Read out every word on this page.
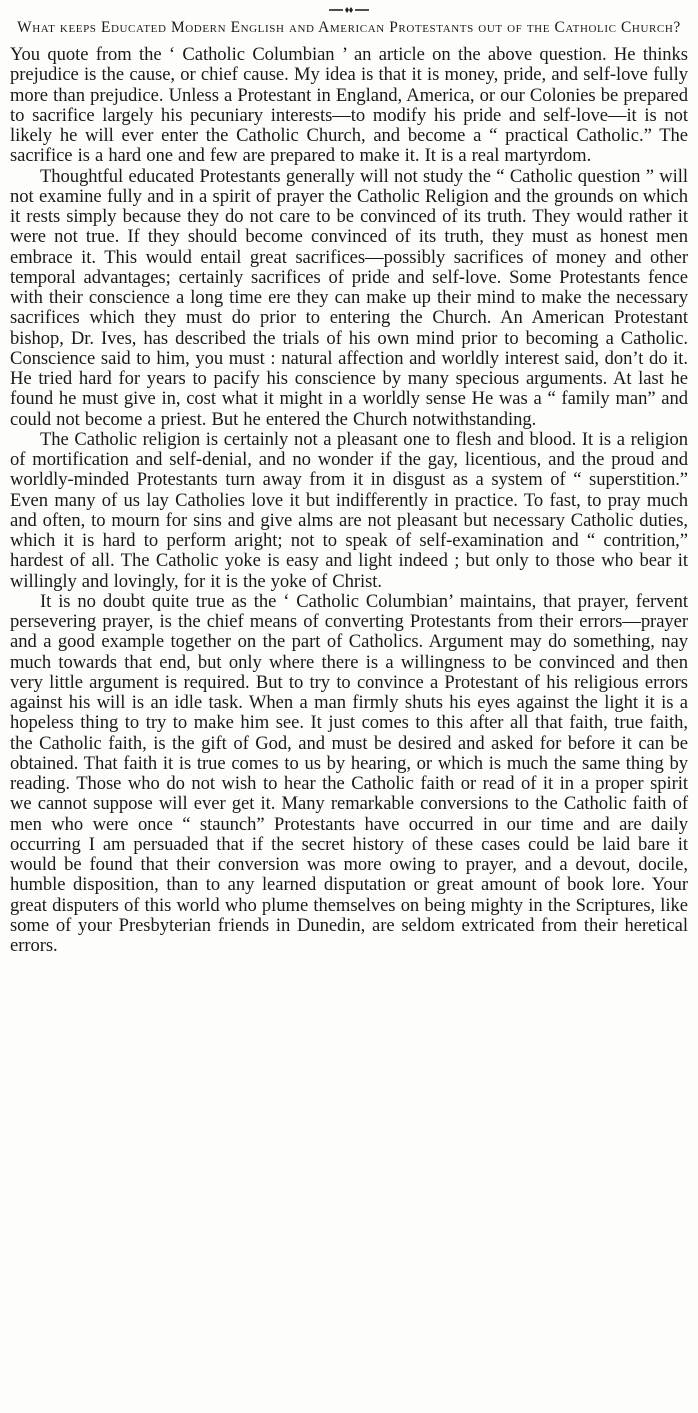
What keeps Educated Modern English and American Protestants out of the Catholic Church?

You quote from the ‘ Catholic Columbian ’ an article on the above question. He thinks prejudice is the cause, or chief cause. My idea is that it is money, pride, and self-love fully more than prejudice. Unless a Protestant in England, America, or our Colonies be prepared to sacrifice largely his pecuniary interests—to modify his pride and self-love—it is not likely he will ever enter the Catholic Church, and become a “ practical Catholic.” The sacrifice is a hard one and few are prepared to make it. It is a real martyrdom.

Thoughtful educated Protestants generally will not study the “ Catholic question ” will not examine fully and in a spirit of prayer the Catholic Religion and the grounds on which it rests simply because they do not care to be convinced of its truth. They would rather it were not true. If they should become convinced of its truth, they must as honest men embrace it. This would entail great sacrifices—possibly sacrifices of money and other temporal advantages; certainly sacrifices of pride and self-love. Some Protestants fence with their conscience a long time ere they can make up their mind to make the necessary sacrifices which they must do prior to entering the Church. An American Protestant bishop, Dr. Ives, has described the trials of his own mind prior to becoming a Catholic. Conscience said to him, you must : natural affection and worldly interest said, don’t do it. He tried hard for years to pacify his conscience by many specious arguments. At last he found he must give in, cost what it might in a worldly sense He was a “ family man” and could not become a priest. But he entered the Church notwithstanding.

The Catholic religion is certainly not a pleasant one to flesh and blood. It is a religion of mortification and self-denial, and no wonder if the gay, licentious, and the proud and worldly-minded Protestants turn away from it in disgust as a system of “ superstition.” Even many of us lay Catholies love it but indifferently in practice. To fast, to pray much and often, to mourn for sins and give alms are not pleasant but necessary Catholic duties, which it is hard to perform aright; not to speak of self-examination and “ contrition,” hardest of all. The Catholic yoke is easy and light indeed ; but only to those who bear it willingly and lovingly, for it is the yoke of Christ.

It is no doubt quite true as the ‘ Catholic Columbian’ maintains, that prayer, fervent persevering prayer, is the chief means of converting Protestants from their errors—prayer and a good example together on the part of Catholics. Argument may do something, nay much towards that end, but only where there is a willingness to be convinced and then very little argument is required. But to try to convince a Protestant of his religious errors against his will is an idle task. When a man firmly shuts his eyes against the light it is a hopeless thing to try to make him see. It just comes to this after all that faith, true faith, the Catholic faith, is the gift of God, and must be desired and asked for before it can be obtained. That faith it is true comes to us by hearing, or which is much the same thing by reading. Those who do not wish to hear the Catholic faith or read of it in a proper spirit we cannot suppose will ever get it. Many remarkable conversions to the Catholic faith of men who were once “ staunch” Protestants have occurred in our time and are daily occurring I am persuaded that if the secret history of these cases could be laid bare it would be found that their conversion was more owing to prayer, and a devout, docile, humble disposition, than to any learned disputation or great amount of book lore. Your great disputers of this world who plume themselves on being mighty in the Scriptures, like some of your Presbyterian friends in Dunedin, are seldom extricated from their heretical errors.
